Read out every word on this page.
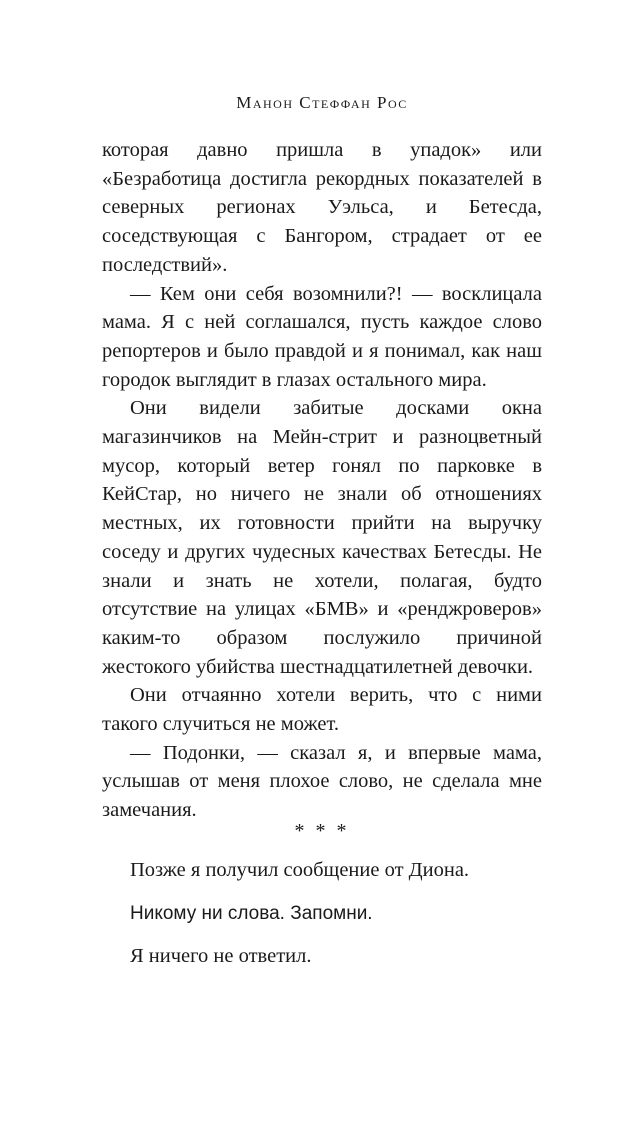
Манон Стеффан Рос

которая давно пришла в упадок» или «Безработица достигла рекордных показателей в северных регионах Уэльса, и Бетесда, соседствующая с Бангором, страдает от ее последствий».

— Кем они себя возомнили?! — восклицала мама. Я с ней соглашался, пусть каждое слово репортеров и было правдой и я понимал, как наш городок выглядит в глазах остального мира.

Они видели забитые досками окна магазинчиков на Мейн-стрит и разноцветный мусор, который ветер гонял по парковке в КейСтар, но ничего не знали об отношениях местных, их готовности прийти на выручку соседу и других чудесных качествах Бетесды. Не знали и знать не хотели, полагая, будто отсутствие на улицах «БМВ» и «ренджроверов» каким-то образом послужило причиной жестокого убийства шестнадцатилетней девочки.

Они отчаянно хотели верить, что с ними такого случиться не может.

— Подонки, — сказал я, и впервые мама, услышав от меня плохое слово, не сделала мне замечания.

* * *
Позже я получил сообщение от Диона.
Никому ни слова. Запомни.
Я ничего не ответил.
